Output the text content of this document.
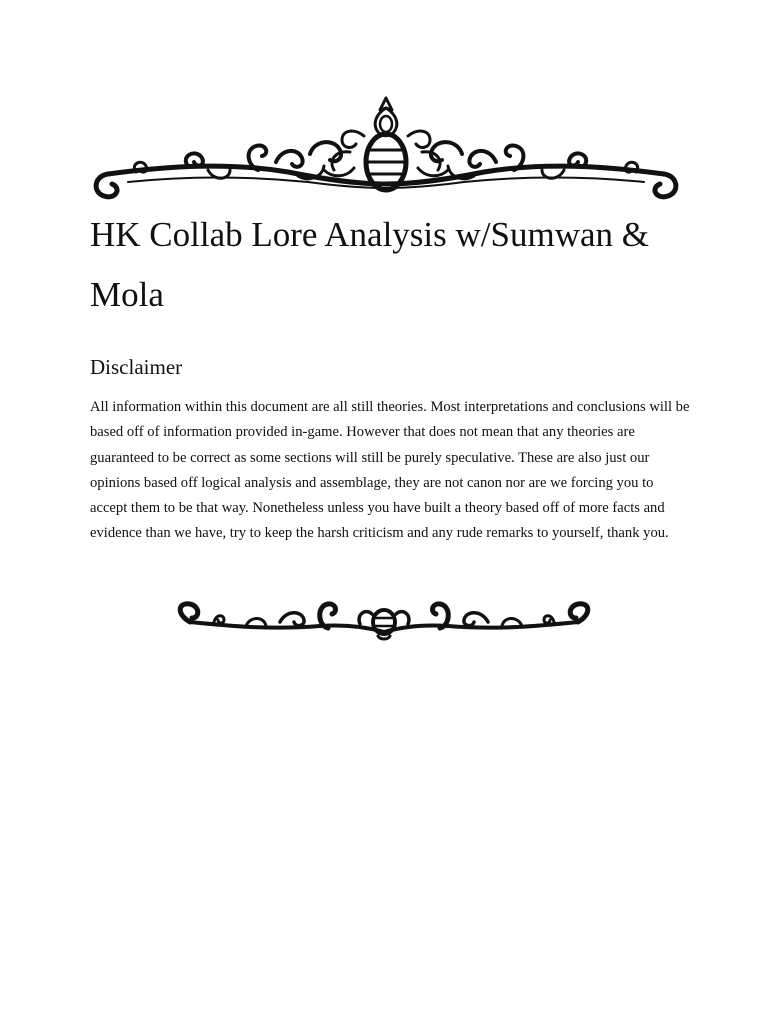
HK Collab Lore Analysis w/Sumwan & Mola
Disclaimer

All information within this document are all still theories. Most interpretations and conclusions will be based off of information provided in-game. However that does not mean that any theories are guaranteed to be correct as some sections will still be purely speculative. These are also just our opinions based off logical analysis and assemblage, they are not canon nor are we forcing you to accept them to be that way. Nonetheless unless you have built a theory based off of more facts and evidence than we have, try to keep the harsh criticism and any rude remarks to yourself, thank you.
